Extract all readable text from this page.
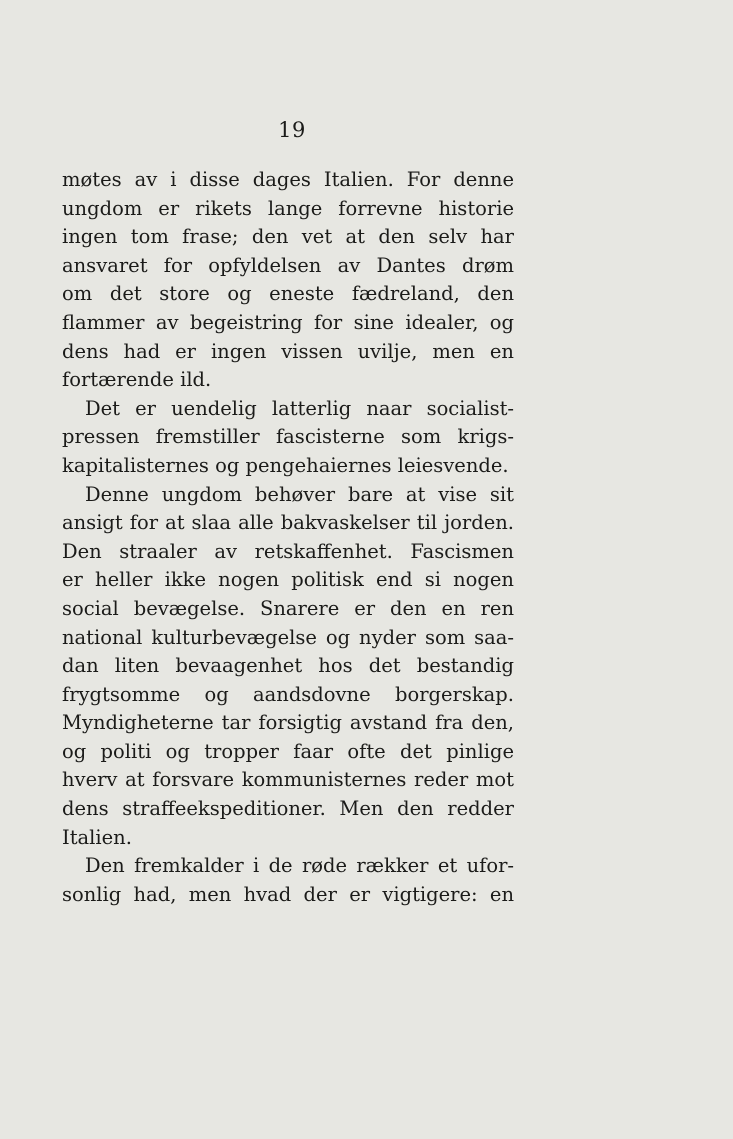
19
møtes av i disse dages Italien. For denne
ungdom er rikets lange forrevne historie
ingen tom frase; den vet at den selv har
ansvaret for opfyldelsen av Dantes drøm
om det store og eneste fædreland, den
flammer av begeistring for sine idealer, og
dens had er ingen vissen uvilje, men en
fortærende ild.
Det er uendelig latterlig naar socialist-
pressen fremstiller fascisterne som krigs-
kapitalisternes og pengehaiernes leiesvende.
Denne ungdom behøver bare at vise sit
ansigt for at slaa alle bakvaskelser til jorden.
Den straaler av retskaffenhet. Fascismen
er heller ikke nogen politisk end si nogen
social bevægelse. Snarere er den en ren
national kulturbevægelse og nyder som saa-
dan liten bevaagenhet hos det bestandig
frygtsomme og aandsdovne borgerskap.
Myndigheterne tar forsigtig avstand fra den,
og politi og tropper faar ofte det pinlige
hverv at forsvare kommunisternes reder mot
dens straffeekspeditioner. Men den redder
Italien.
Den fremkalder i de røde rækker et ufor-
sonlig had, men hvad der er vigtigere: en
